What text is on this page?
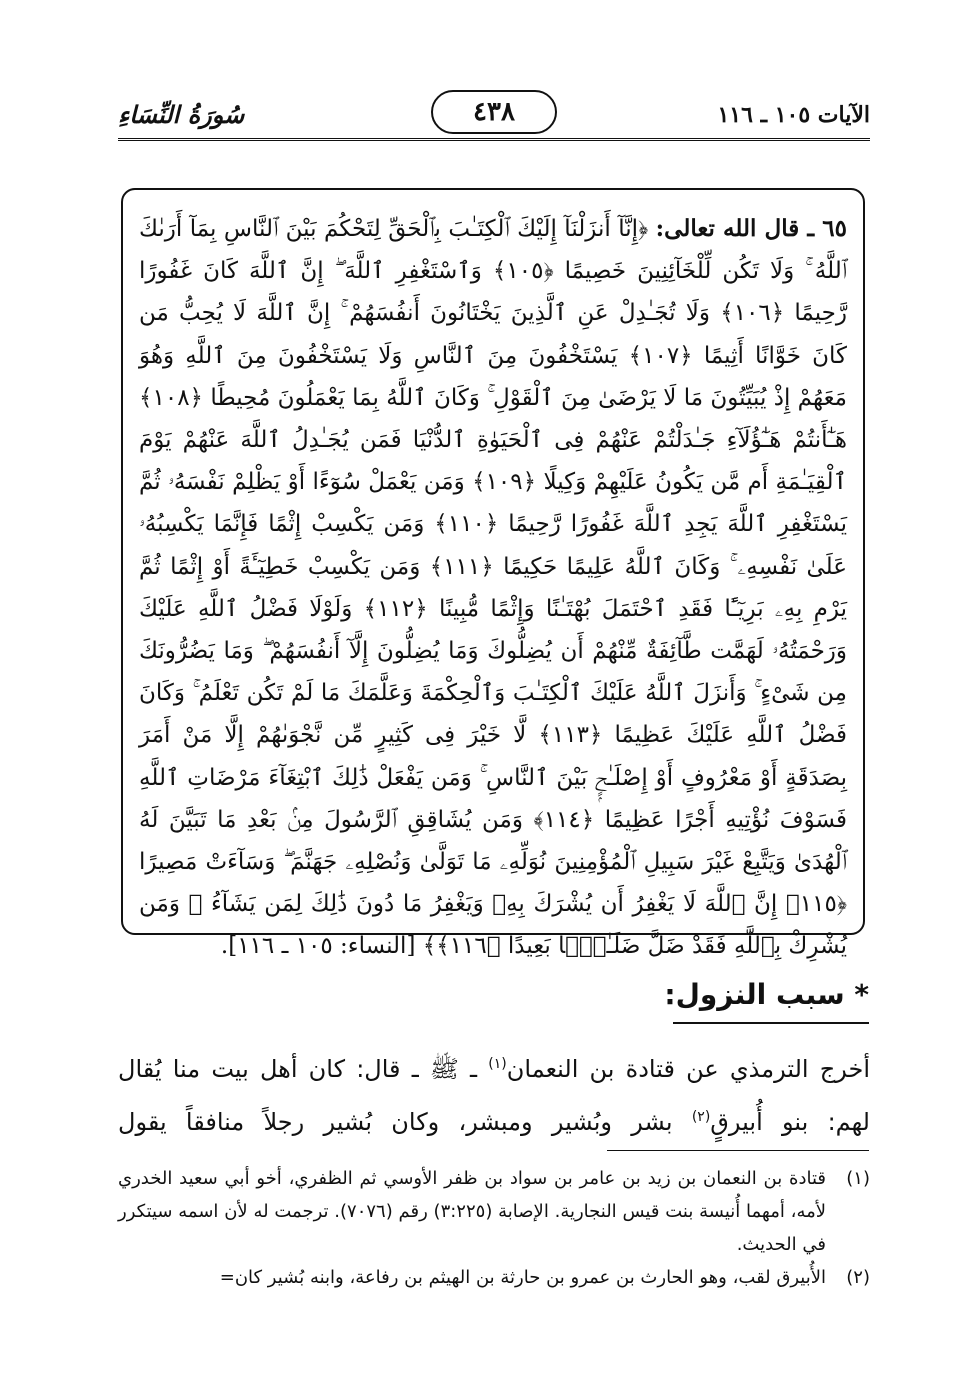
الآيات ١٠٥ ـ ١١٦
٤٣٨
سُورَةُ النِّسَاءِ
٦٥ ـ قال الله تعالى: ﴿إِنَّآ أَنزَلْنَآ إِلَيْكَ ٱلْكِتَـٰبَ بِٱلْحَقِّ لِتَحْكُمَ بَيْنَ ٱلنَّاسِ بِمَآ أَرَىٰكَ ٱللَّهُ ۚ وَلَا تَكُن لِّلْخَآئِنِينَ خَصِيمًا ﴿١٠٥﴾ وَٱسْتَغْفِرِ ٱللَّهَ ۖ إِنَّ ٱللَّهَ كَانَ غَفُورًا رَّحِيمًا ﴿١٠٦﴾ وَلَا تُجَـٰدِلْ عَنِ ٱلَّذِينَ يَخْتَانُونَ أَنفُسَهُمْ ۚ إِنَّ ٱللَّهَ لَا يُحِبُّ مَن كَانَ خَوَّانًا أَثِيمًا ﴿١٠٧﴾ يَسْتَخْفُونَ مِنَ ٱلنَّاسِ وَلَا يَسْتَخْفُونَ مِنَ ٱللَّهِ وَهُوَ مَعَهُمْ إِذْ يُبَيِّتُونَ مَا لَا يَرْضَىٰ مِنَ ٱلْقَوْلِ ۚ وَكَانَ ٱللَّهُ بِمَا يَعْمَلُونَ مُحِيطًا ﴿١٠٨﴾ هَـٰٓأَنتُمْ هَـٰٓؤُلَآءِ جَـٰدَلْتُمْ عَنْهُمْ فِى ٱلْحَيَوٰةِ ٱلدُّنْيَا فَمَن يُجَـٰدِلُ ٱللَّهَ عَنْهُمْ يَوْمَ ٱلْقِيَـٰمَةِ أَم مَّن يَكُونُ عَلَيْهِمْ وَكِيلًا ﴿١٠٩﴾ وَمَن يَعْمَلْ سُوٓءًا أَوْ يَظْلِمْ نَفْسَهُۥ ثُمَّ يَسْتَغْفِرِ ٱللَّهَ يَجِدِ ٱللَّهَ غَفُورًا رَّحِيمًا ﴿١١٠﴾ وَمَن يَكْسِبْ إِثْمًا فَإِنَّمَا يَكْسِبُهُۥ عَلَىٰ نَفْسِهِۦ ۚ وَكَانَ ٱللَّهُ عَلِيمًا حَكِيمًا ﴿١١١﴾ وَمَن يَكْسِبْ خَطِيٓـَٔةً أَوْ إِثْمًا ثُمَّ يَرْمِ بِهِۦ بَرِيٓـًٔا فَقَدِ ٱحْتَمَلَ بُهْتَـٰنًا وَإِثْمًا مُّبِينًا ﴿١١٢﴾ وَلَوْلَا فَضْلُ ٱللَّهِ عَلَيْكَ وَرَحْمَتُهُۥ لَهَمَّت طَّآئِفَةٌ مِّنْهُمْ أَن يُضِلُّوكَ وَمَا يُضِلُّونَ إِلَّآ أَنفُسَهُمْ ۖ وَمَا يَضُرُّونَكَ مِن شَىْءٍ ۚ وَأَنزَلَ ٱللَّهُ عَلَيْكَ ٱلْكِتَـٰبَ وَٱلْحِكْمَةَ وَعَلَّمَكَ مَا لَمْ تَكُن تَعْلَمُ ۚ وَكَانَ فَضْلُ ٱللَّهِ عَلَيْكَ عَظِيمًا ﴿١١٣﴾ لَّا خَيْرَ فِى كَثِيرٍ مِّن نَّجْوَىٰهُمْ إِلَّا مَنْ أَمَرَ بِصَدَقَةٍ أَوْ مَعْرُوفٍ أَوْ إِصْلَـٰحٍۭ بَيْنَ ٱلنَّاسِ ۚ وَمَن يَفْعَلْ ذَٰلِكَ ٱبْتِغَآءَ مَرْضَاتِ ٱللَّهِ فَسَوْفَ نُؤْتِيهِ أَجْرًا عَظِيمًا ﴿١١٤﴾ وَمَن يُشَاقِقِ ٱلرَّسُولَ مِنۢ بَعْدِ مَا تَبَيَّنَ لَهُ ٱلْهُدَىٰ وَيَتَّبِعْ غَيْرَ سَبِيلِ ٱلْمُؤْمِنِينَ نُوَلِّهِۦ مَا تَوَلَّىٰ وَنُصْلِهِۦ جَهَنَّمَ ۖ وَسَآءَتْ مَصِيرًا ﴿١١٥﴾ إِنَّ ٱللَّهَ لَا يَغْفِرُ أَن يُشْرَكَ بِهِۦ وَيَغْفِرُ مَا دُونَ ذَٰلِكَ لِمَن يَشَآءُ ۚ وَمَن يُشْرِكْ بِٱللَّهِ فَقَدْ ضَلَّ ضَلَـٰلًۢا بَعِيدًا ﴿١١٦﴾﴾ [النساء: ١٠٥ ـ ١١٦].
* سبب النزول:
أخرج الترمذي عن قتادة بن النعمان$^{(١)}$ ـ ﷺ ـ قال: كان أهل بيت منا يُقال لهم: بنو أُبيرقٍ$^{(٢)}$ بشر وبُشير ومبشر، وكان بُشير رجلاً منافقاً يقول
(١)
قتادة بن النعمان بن زيد بن عامر بن سواد بن ظفر الأوسي ثم الظفري، أخو أبي سعيد الخدري لأمه، أمهما أُنيسة بنت قيس النجارية. الإصابة (٣:٢٢٥) رقم (٧٠٧٦). ترجمت له لأن اسمه سيتكرر في الحديث.
(٢)
الأُبيرق لقب، وهو الحارث بن عمرو بن حارثة بن الهيثم بن رفاعة، وابنه بُشير كان=
